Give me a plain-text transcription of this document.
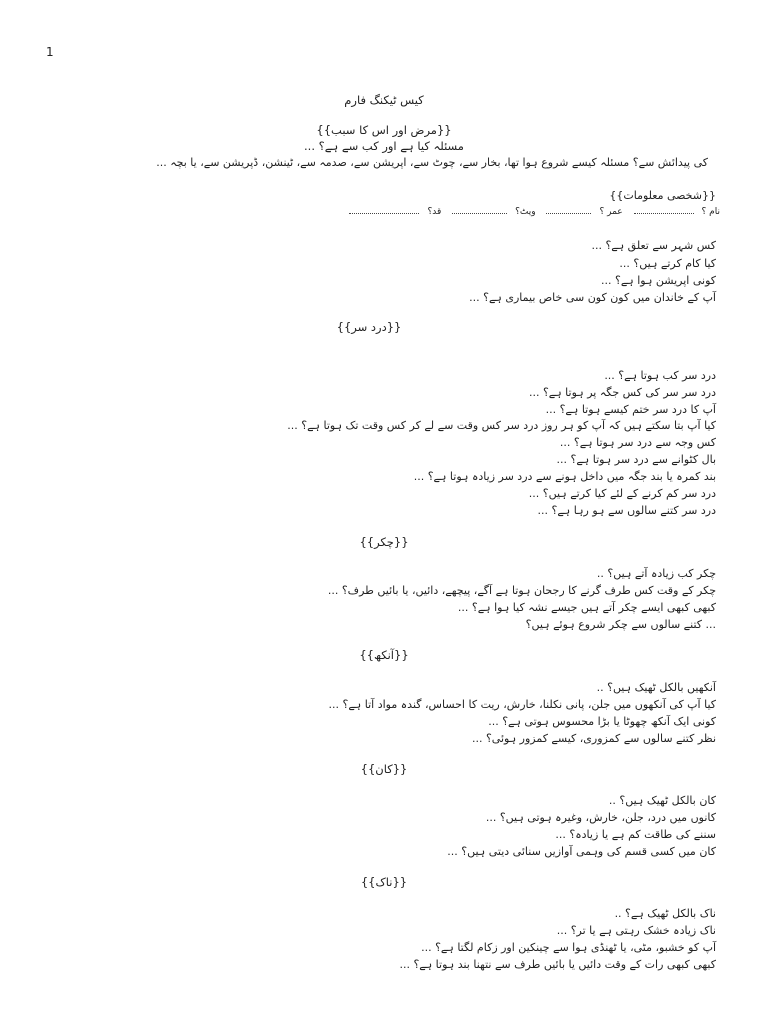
1
کیس ٹیکنگ فارم
{{مرض اور اس کا سبب}}
مسئلہ کیا ہے اور کب سے ہے؟ ...
کی پیدائش سے؟ مسئلہ کیسے شروع ہوا تھا، بخار سے، چوٹ سے، اپریشن سے، صدمہ سے، ٹینشن، ڈپریشن سے، یا بچہ ...
{{شخصی معلومات}}
نام ؟ عمر ؟ ویٹ؟ قد؟
کس شہر سے تعلق ہے؟ ...
کیا کام کرتے ہیں؟ ...
کونی اپریشن ہوا ہے؟ ...
آپ کے خاندان میں کون کون سی خاص بیماری ہے؟ ...
{{درد سر}}
درد سر کب ہوتا ہے؟ ...
درد سر سر کی کس جگہ پر ہوتا ہے؟ ...
آپ کا درد سر ختم کیسے ہوتا ہے؟ ...
کیا آپ بتا سکتے ہیں کہ آپ کو ہر روز درد سر کس وقت سے لے کر کس وقت تک ہوتا ہے؟ ...
کس وجہ سے درد سر ہوتا ہے؟ ...
بال کٹوانے سے درد سر ہوتا ہے؟ ...
بند کمرہ یا بند جگہ میں داخل ہونے سے درد سر زیادہ ہوتا ہے؟ ...
درد سر کم کرنے کے لئے کیا کرتے ہیں؟ ...
درد سر کتنے سالوں سے ہو رہا ہے؟ ...
{{چکر}}
چکر کب زیادہ آتے ہیں؟ ..
چکر کے وقت کس طرف گرنے کا رجحان ہوتا ہے آگے، پیچھے، دائیں، یا بائیں طرف؟ ...
کبھی کبھی ایسے چکر آتے ہیں جیسے نشہ کیا ہوا ہے؟ ...
... کتنے سالوں سے چکر شروع ہوئے ہیں؟
{{آنکھ}}
آنکھیں بالکل ٹھیک ہیں؟ ..
کیا آپ کی آنکھوں میں جلن، پانی نکلنا، خارش، ریت کا احساس، گندہ مواد آتا ہے؟ ...
کونی ایک آنکھ چھوٹا یا بڑا محسوس ہوتی ہے؟ ...
نظر کتنے سالوں سے کمزوری، کیسے کمزور ہوئی؟ ...
{{کان}}
کان بالکل ٹھیک ہیں؟ ..
کانوں میں درد، جلن، خارش، وغیرہ ہوتی ہیں؟ ...
سننے کی طاقت کم ہے یا زیادہ؟ ...
کان میں کسی قسم کی وہمی آوازیں سنائی دیتی ہیں؟ ...
{{ناک}}
ناک بالکل ٹھیک ہے؟ ..
ناک زیادہ خشک رہتی ہے یا تر؟ ...
آپ کو خشبو، مٹی، یا ٹھنڈی ہوا سے چینکین اور زکام لگتا ہے؟ ...
کبھی کبھی رات کے وقت دائیں یا بائیں طرف سے نتھنا بند ہوتا ہے؟ ...
